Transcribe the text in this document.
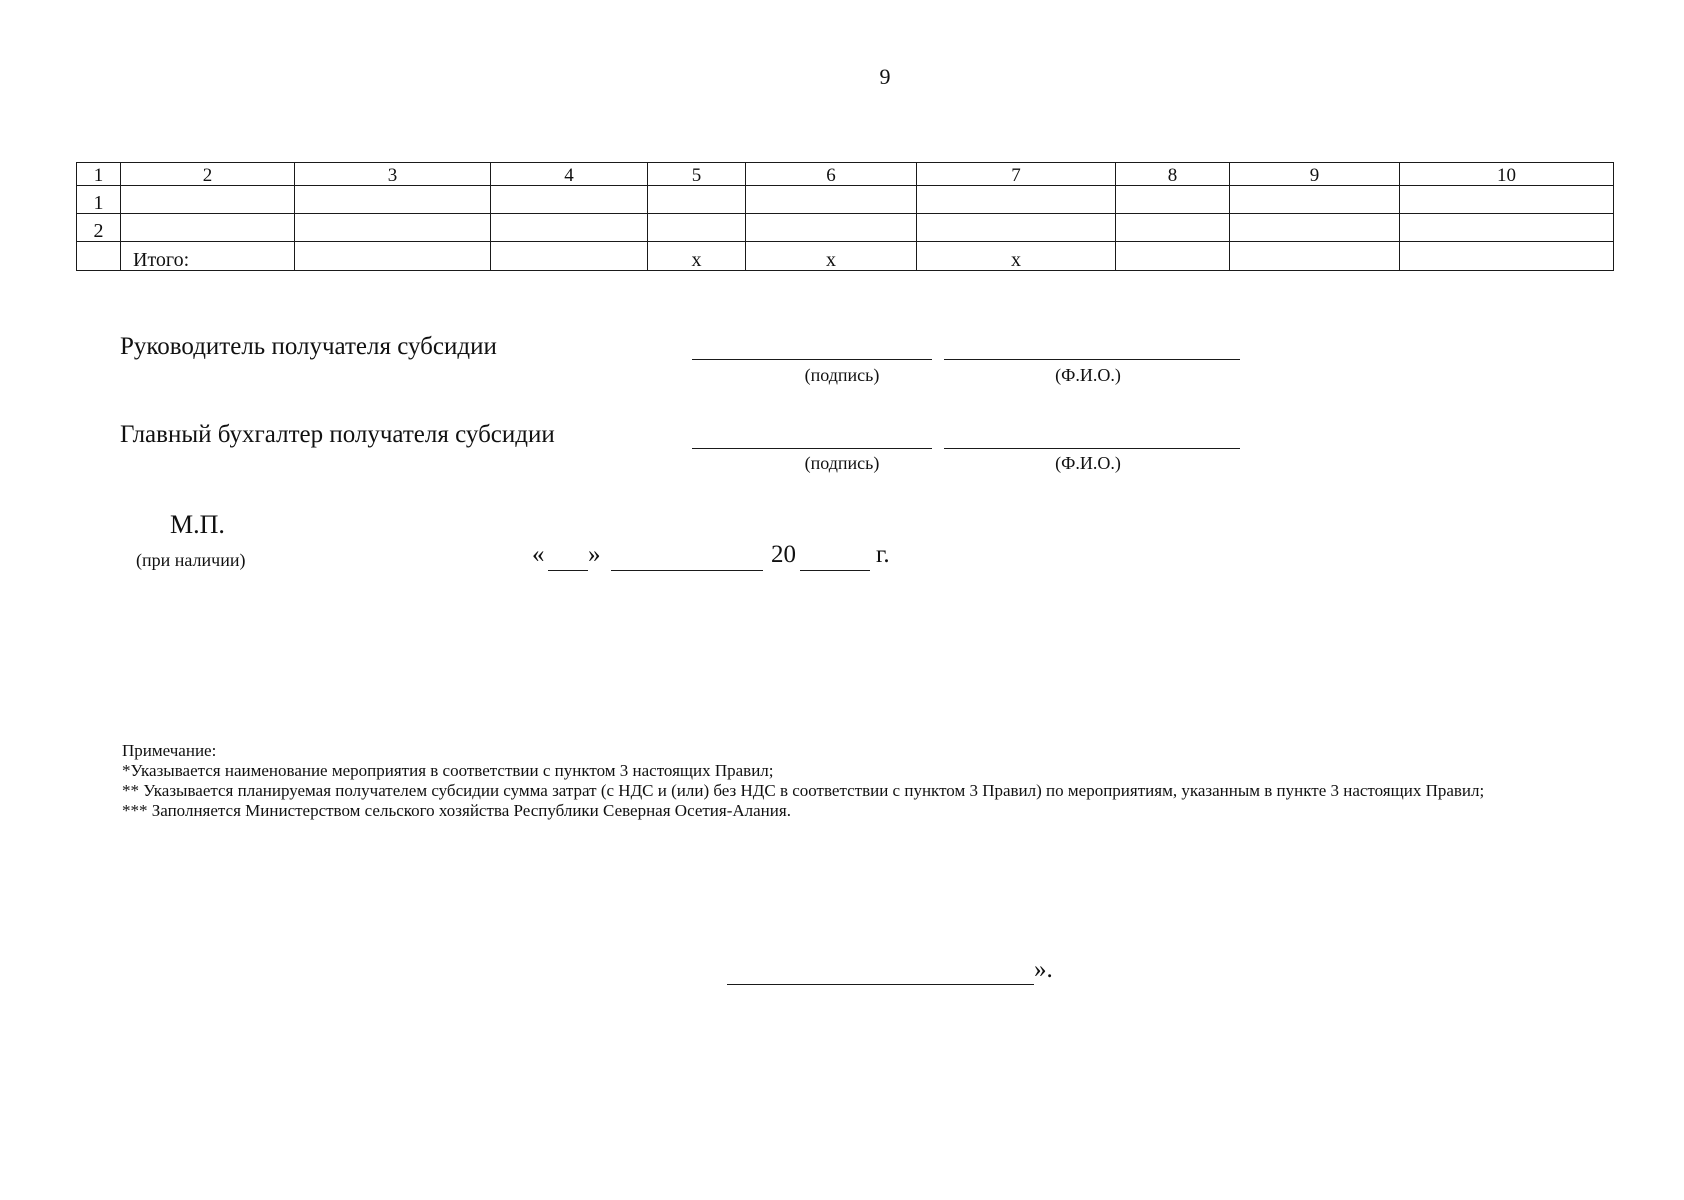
9
1	2	3	4	5	6	7	8	9	10
1									
2									
	Итого:			х	х	х			
Руководитель получателя субсидии
(подпись)	(Ф.И.О.)
Главный бухгалтер получателя субсидии
(подпись)	(Ф.И.О.)
М.П.
(при наличии)	« »	20	г.
Примечание:
*Указывается наименование мероприятия в соответствии с пунктом 3 настоящих Правил;
** Указывается планируемая получателем субсидии сумма затрат (с НДС и (или) без НДС в соответствии с пунктом 3 Правил) по мероприятиям, указанным в пункте 3 настоящих Правил;
*** Заполняется Министерством сельского хозяйства Республики Северная Осетия-Алания.
».
